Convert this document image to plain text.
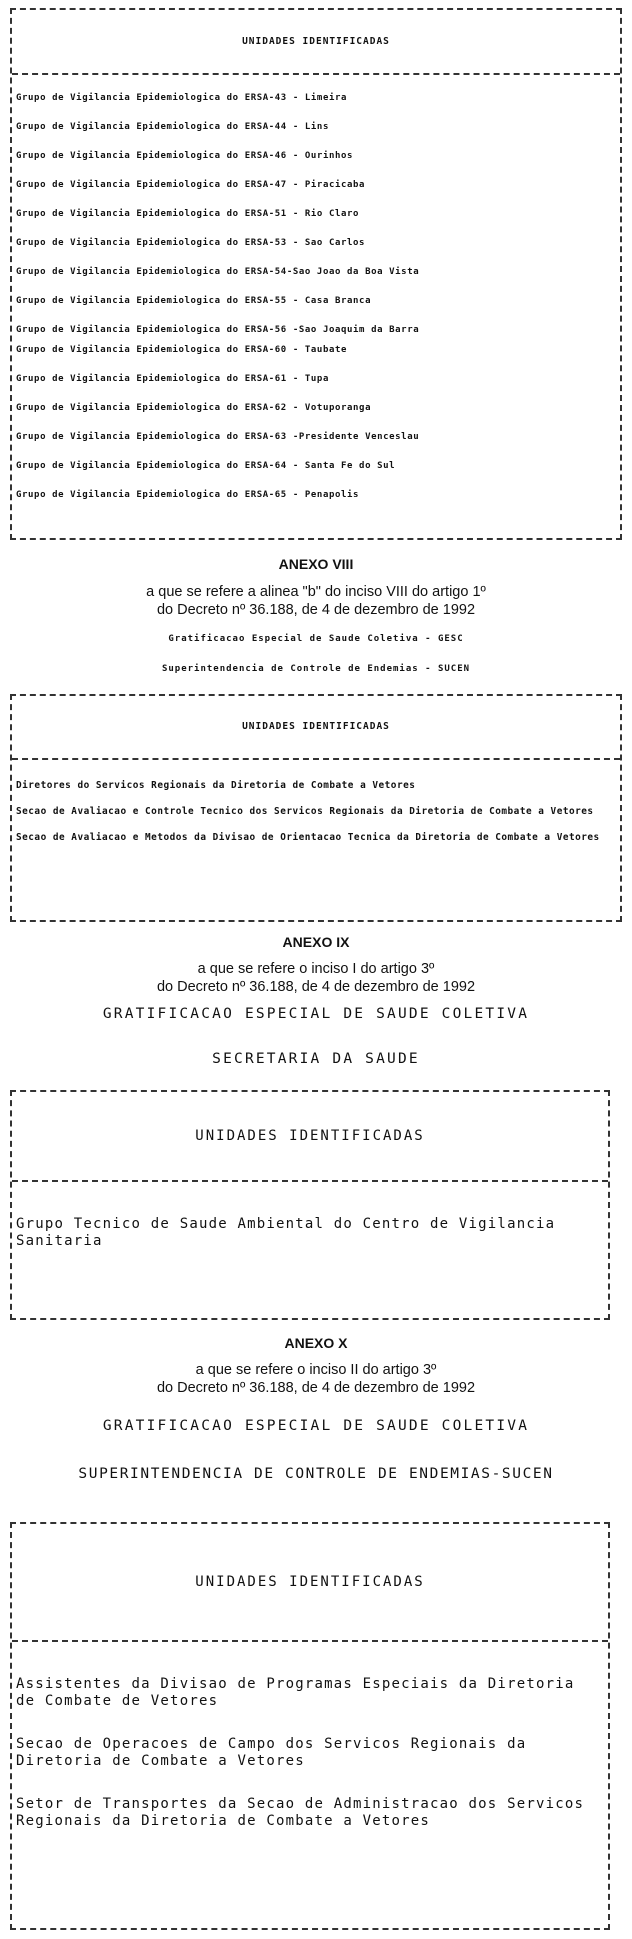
UNIDADES IDENTIFICADAS
Grupo de Vigilancia Epidemiologica do ERSA-43 - Limeira
Grupo de Vigilancia Epidemiologica do ERSA-44 - Lins
Grupo de Vigilancia Epidemiologica do ERSA-46 - Ourinhos
Grupo de Vigilancia Epidemiologica do ERSA-47 - Piracicaba
Grupo de Vigilancia Epidemiologica do ERSA-51 - Rio Claro
Grupo de Vigilancia Epidemiologica do ERSA-53 - Sao Carlos
Grupo de Vigilancia Epidemiologica do ERSA-54-Sao Joao da Boa Vista
Grupo de Vigilancia Epidemiologica do ERSA-55 - Casa Branca
Grupo de Vigilancia Epidemiologica do ERSA-56 -Sao Joaquim da Barra
Grupo de Vigilancia Epidemiologica do ERSA-60 - Taubate
Grupo de Vigilancia Epidemiologica do ERSA-61 - Tupa
Grupo de Vigilancia Epidemiologica do ERSA-62 - Votuporanga
Grupo de Vigilancia Epidemiologica do ERSA-63 -Presidente Venceslau
Grupo de Vigilancia Epidemiologica do ERSA-64 - Santa Fe do Sul
Grupo de Vigilancia Epidemiologica do ERSA-65 - Penapolis
ANEXO VIII
a que se refere a alinea "b" do inciso VIII do artigo 1º
do Decreto nº 36.188, de 4 de dezembro de 1992
Gratificacao Especial de Saude Coletiva - GESC
Superintendencia de Controle de Endemias - SUCEN
UNIDADES IDENTIFICADAS
Diretores do Servicos Regionais da Diretoria de Combate a Vetores
Secao de Avaliacao e Controle Tecnico dos Servicos Regionais da Diretoria de Combate a Vetores
Secao de Avaliacao e Metodos da Divisao de Orientacao Tecnica da Diretoria de Combate a Vetores
ANEXO IX
a que se refere o inciso I do artigo 3º
do Decreto nº 36.188, de 4 de dezembro de 1992
GRATIFICACAO ESPECIAL DE SAUDE COLETIVA
SECRETARIA DA SAUDE
UNIDADES IDENTIFICADAS
Grupo Tecnico de Saude Ambiental do Centro de Vigilancia Sanitaria
ANEXO X
a que se refere o inciso II do artigo 3º
do Decreto nº 36.188, de 4 de dezembro de 1992
GRATIFICACAO ESPECIAL DE SAUDE COLETIVA
SUPERINTENDENCIA DE CONTROLE DE ENDEMIAS-SUCEN
UNIDADES IDENTIFICADAS
Assistentes da Divisao de Programas Especiais da Diretoria de Combate de Vetores
Secao de Operacoes de Campo dos Servicos Regionais da Diretoria de Combate a Vetores
Setor de Transportes da Secao de Administracao dos Servicos Regionais da Diretoria de Combate a Vetores
